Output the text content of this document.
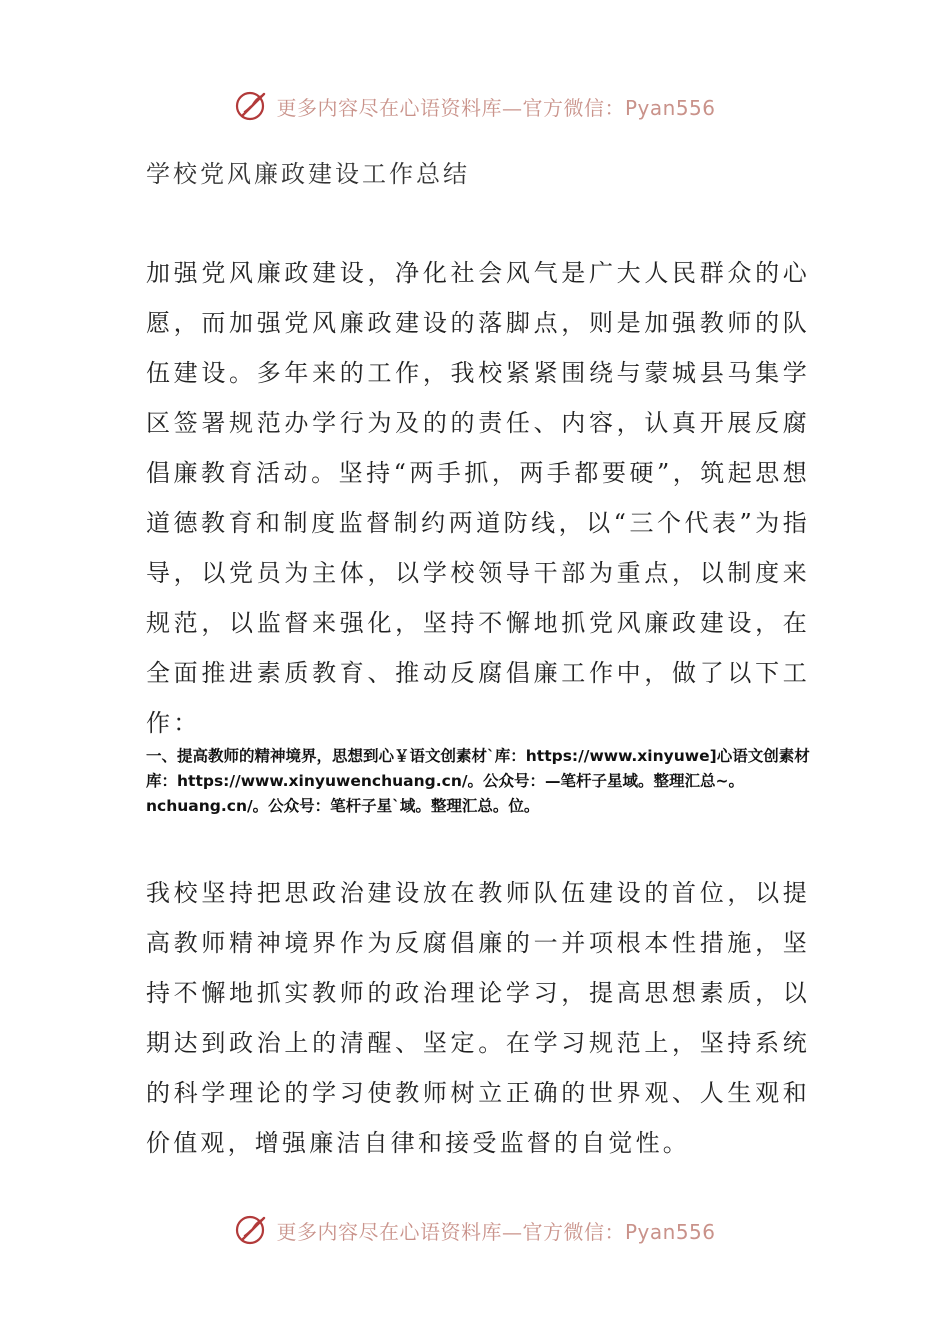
更多内容尽在心语资料库—官方微信：Pyan556
学校党风廉政建设工作总结
加强党风廉政建设，净化社会风气是广大人民群众的心愿，而加强党风廉政建设的落脚点，则是加强教师的队伍建设。多年来的工作，我校紧紧围绕与蒙城县马集学区签署规范办学行为及的的责任、内容，认真开展反腐倡廉教育活动。坚持“两手抓，两手都要硬”，筑起思想道德教育和制度监督制约两道防线，以“三个代表”为指导，以党员为主体，以学校领导干部为重点，以制度来规范，以监督来强化，坚持不懈地抓党风廉政建设，在全面推进素质教育、推动反腐倡廉工作中，做了以下工作：
一、提高教师的精神境界，思想到心￥语文创素材`库：https://www.xinyuwe]心语文创素材库：https://www.xinyuwenchuang.cn/。公众号：—笔杆子星域。整理汇总~。nchuang.cn/。公众号：笔杆子星`域。整理汇总。位。
我校坚持把思政治建设放在教师队伍建设的首位，以提高教师精神境界作为反腐倡廉的一并项根本性措施，坚持不懈地抓实教师的政治理论学习，提高思想素质，以期达到政治上的清醒、坚定。在学习规范上，坚持系统的科学理论的学习使教师树立正确的世界观、人生观和价值观，增强廉洁自律和接受监督的自觉性。
更多内容尽在心语资料库—官方微信：Pyan556
